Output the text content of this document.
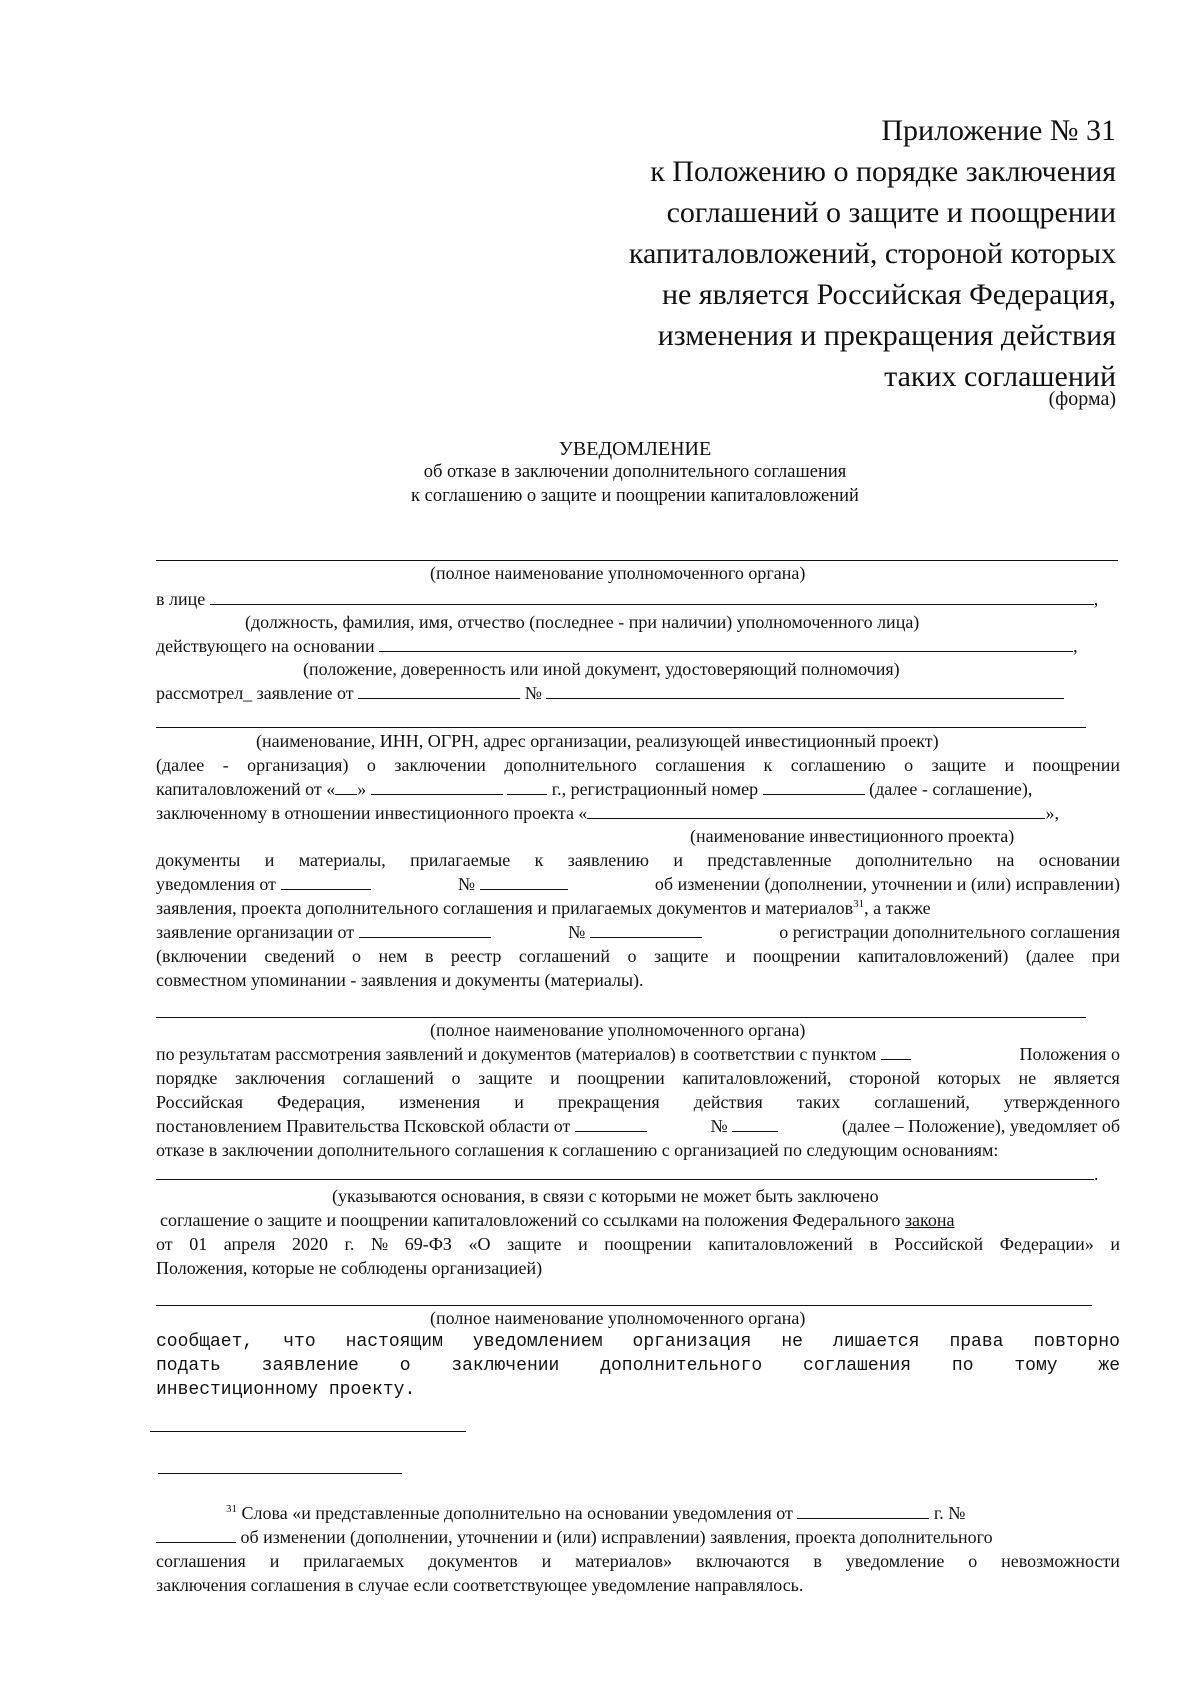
Приложение № 31
к Положению о порядке заключения
соглашений о защите и поощрении
капиталовложений, стороной которых
не является Российская Федерация,
изменения и прекращения действия
таких соглашений
(форма)
УВЕДОМЛЕНИЕ
об отказе в заключении дополнительного соглашения
к соглашению о защите и поощрении капиталовложений
(полное наименование уполномоченного органа)
в лице	,
(должность, фамилия, имя, отчество (последнее - при наличии) уполномоченного лица)
действующего на основании	,
(положение, доверенность или иной документ, удостоверяющий полномочия)
рассмотрел_ заявление от	№
(наименование, ИНН, ОГРН, адрес организации, реализующей инвестиционный проект)
(далее - организация) о заключении дополнительного соглашения к соглашению о защите и поощрении
капиталовложений от « »	г., регистрационный номер	(далее - соглашение),
заключенному в отношении инвестиционного проекта «	»,
(наименование инвестиционного проекта)
документы и материалы, прилагаемые к заявлению и представленные дополнительно на основании
уведомления от	№	об изменении (дополнении, уточнении и (или) исправлении)
заявления, проекта дополнительного соглашения и прилагаемых документов и материалов$^{31}$, а также
заявление организации от	№	о регистрации дополнительного соглашения
(включении сведений о нем в реестр соглашений о защите и поощрении капиталовложений) (далее при
совместном упоминании - заявления и документы (материалы).
(полное наименование уполномоченного органа)
по результатам рассмотрения заявлений и документов (материалов) в соответствии с пунктом	Положения о
порядке заключения соглашений о защите и поощрении капиталовложений, стороной которых не является
Российская Федерация, изменения и прекращения действия таких соглашений, утвержденного
постановлением Правительства Псковской области от	№	(далее – Положение), уведомляет об
отказе в заключении дополнительного соглашения к соглашению с организацией по следующим основаниям:
.
(указываются основания, в связи с которыми не может быть заключено
соглашение о защите и поощрении капиталовложений со ссылками на положения Федерального закона
от 01 апреля 2020 г. № 69-ФЗ «О защите и поощрении капиталовложений в Российской Федерации» и
Положения, которые не соблюдены организацией)
(полное наименование уполномоченного органа)
сообщает, что настоящим уведомлением организация не лишается права повторно
подать заявление о заключении дополнительного соглашения по тому же
инвестиционному проекту.
$^{31}$ Слова «и представленные дополнительно на основании уведомления от	г. №
об изменении (дополнении, уточнении и (или) исправлении) заявления, проекта дополнительного
соглашения и прилагаемых документов и материалов» включаются в уведомление о невозможности
заключения соглашения в случае если соответствующее уведомление направлялось.
